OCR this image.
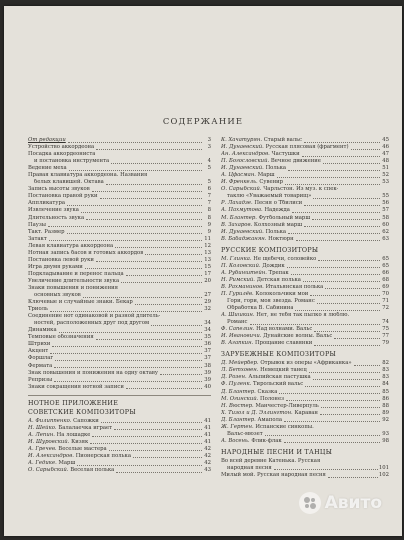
СОДЕРЖАНИЕ
От редакции	3
Устройство аккордеона	3
Посадка аккордеониста
и постановка инструмента	4
Ведение меха	5
Правая клавиатура аккордеона. Названия
белых клавишей. Октава	5
Запись высоты звуков	6
Постановка правой руки	7
Аппликатура	7
Извлечение звука	8
Длительность звука	8
Паузы	9
Такт. Размер	9
Затакт	11
Левая клавиатура аккордеона	12
Нотная запись басов и готовых аккордов	13
Постановка левой руки	13
Игра двумя руками	15
Подкладывание и перенос пальца	17
Увеличение длительности звука	20
Знаки повышения и понижения
основных звуков	27
Ключевые и случайные знаки. Бекар	29
Триоль	32
Соединение нот одинаковой и разной длитель-
ностей, расположенных друг под другом	34
Динамика	34
Темповые обозначения	35
Штрихи	36
Акцент	37
Форшлаг	37
Фермата	38
Знак повышения и понижения на одну октаву	39
Репризы	39
Знаки сокращения нотной записи	40
НОТНОЕ ПРИЛОЖЕНИЕ
СОВЕТСКИЕ КОМПОЗИТОРЫ
А. Филиппенко. Сапожки	41
Н. Шейко. Балалаечка играет	41
А. Лепин. На лошадке	41
И. Шуровский. Кизяк	41
А. Гречев. Веселые мастера	42
И. Александров. Пионерская полька	42
А. Гедике. Марш	42
О. Сарыбский. Веселая полька	43
К. Хачатурян. Старый вальс	45
И. Дунаевский. Русская плясовая (фрагмент)	46
Ан. Александров. Частушки	47
П. Богословский. Вечное движение	48
И. Дунаевский. Полька	51
А. Цфасман. Марш	52
И. Френкель. Сувенир	53
О. Сарыбский. Чарльстон. Из муз. к спек-
таклю «Уважаемый товарищ»	55
Р. Лахадзе. Песня о Тбилиси	56
А. Пахмутова. Надежда	57
М. Блантер. Футбольный марш	58
В. Захаров. Колхозный марш	60
И. Дунаевский. Полька	62
В. Бабаджанян. Ноктюрн	63
РУССКИЕ КОМПОЗИТОРЫ
М. Глинка. Не щебечи, соловейко	65
П. Коловский. Дождик	65
А. Рубинштейн. Трепак	66
Н. Римский. Детская полька	68
В. Рахманинов. Итальянская полька	69
П. Гурилёв. Колокольчики мои	70
Гори, гори, моя звезда. Романс	71
Обработка В. Сабинина	72
А. Шишкин. Нет, не тебя так пылко я люблю.
Романс	74
Ф. Сапелин. Над волнами. Вальс	75
И. Ивановичи. Дунайские волны. Вальс	77
В. Агапкин. Прощание славянки	79
ЗАРУБЕЖНЫЕ КОМПОЗИТОРЫ
Д. Мейербер. Отрывок из оперы «Африканка»	82
Л. Бетховен. Немецкий танец	83
Д. Розен. Альпийская пастушка	83
Ф. Пуленк. Тирольский вальс	84
Д. Блантер. Сказка	85
М. Огинский. Полонез	86
Н. Вюстер. Манчестер-Ливерпуль	88
Х. Тизол и Д. Эллингтон. Караван	89
Д. Блантер. Амапола	92
Ж. Гертен. Испанские синкопы.
Вальс-мюзет	93
А. Восень. Флик-флак	98
НАРОДНЫЕ ПЕСНИ И ТАНЦЫ
Во всей деревне Катенька. Русская
народная песня	101
Милый мой. Русская народная песня	102
Авито
